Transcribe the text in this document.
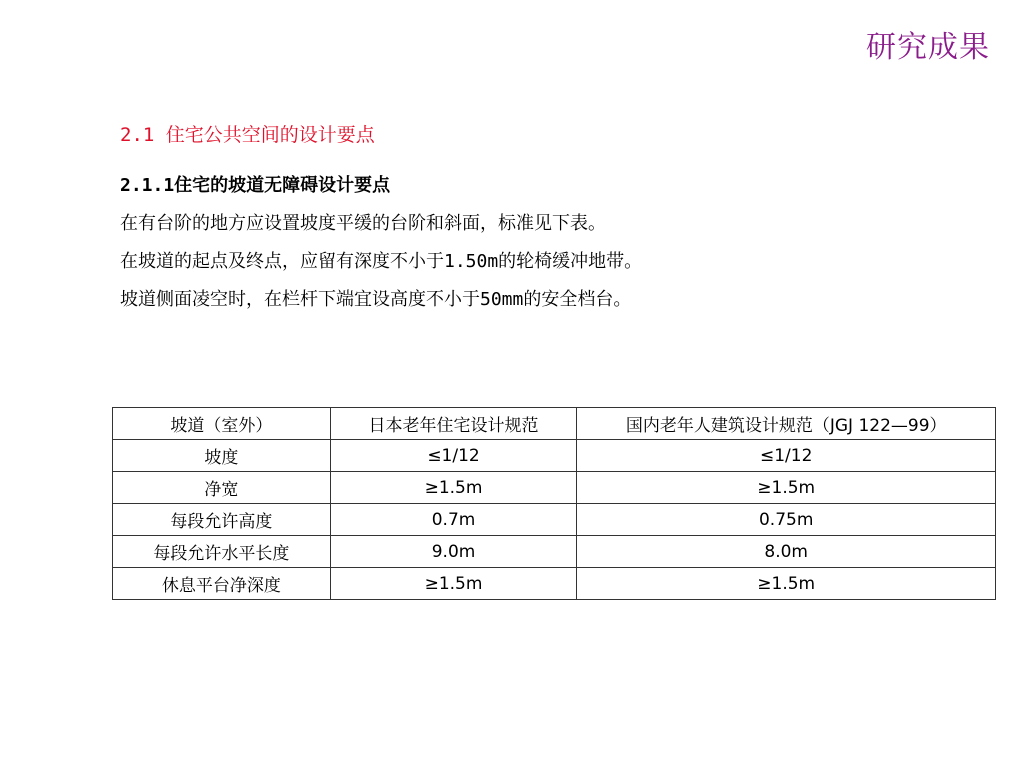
研究成果
2.1 住宅公共空间的设计要点
2.1.1住宅的坡道无障碍设计要点
在有台阶的地方应设置坡度平缓的台阶和斜面，标准见下表。
在坡道的起点及终点，应留有深度不小于1.50m的轮椅缓冲地带。
坡道侧面凌空时，在栏杆下端宜设高度不小于50mm的安全档台。
坡道（室外）	日本老年住宅设计规范	国内老年人建筑设计规范（JGJ 122—99）
坡度	≤1/12	≤1/12
净宽	≥1.5m	≥1.5m
每段允许高度	0.7m	0.75m
每段允许水平长度	9.0m	8.0m
休息平台净深度	≥1.5m	≥1.5m
